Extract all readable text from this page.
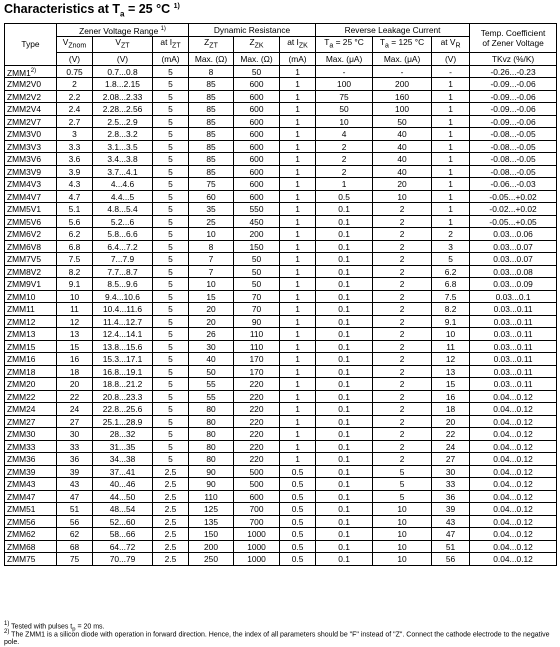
Characteristics at $T_a = 25$ °C $^{1)}$
Type	Zener Voltage Range $^{1)}$			Dynamic Resistance			Reverse Leakage Current			Temp. Coefficient
of Zener Voltage
	$V_{Znom}$	$V_{ZT}$	at $I_{ZT}$	$Z_{ZT}$	$Z_{ZK}$	at $I_{ZK}$	$T_a = 25$ °C	$T_a = 125$ °C	at $V_R$
	(V)	(V)	(mA)	Max. (Ω)	Max. (Ω)	(mA)	Max. (μA)	Max. (μA)	(V)	TKvz (%/K)
ZMM1$^{2)}$	0.75	0.7...0.8	5	8	50	1	-	-	-	-0.26...-0.23
ZMM2V0	2	1.8...2.15	5	85	600	1	100	200	1	-0.09...-0.06
ZMM2V2	2.2	2.08...2.33	5	85	600	1	75	160	1	-0.09...-0.06
ZMM2V4	2.4	2.28...2.56	5	85	600	1	50	100	1	-0.09...-0.06
ZMM2V7	2.7	2.5...2.9	5	85	600	1	10	50	1	-0.09...-0.06
ZMM3V0	3	2.8...3.2	5	85	600	1	4	40	1	-0.08...-0.05
ZMM3V3	3.3	3.1...3.5	5	85	600	1	2	40	1	-0.08...-0.05
ZMM3V6	3.6	3.4...3.8	5	85	600	1	2	40	1	-0.08...-0.05
ZMM3V9	3.9	3.7...4.1	5	85	600	1	2	40	1	-0.08...-0.05
ZMM4V3	4.3	4...4.6	5	75	600	1	1	20	1	-0.06...-0.03
ZMM4V7	4.7	4.4...5	5	60	600	1	0.5	10	1	-0.05...+0.02
ZMM5V1	5.1	4.8...5.4	5	35	550	1	0.1	2	1	-0.02...+0.02
ZMM5V6	5.6	5.2...6	5	25	450	1	0.1	2	1	-0.05...+0.05
ZMM6V2	6.2	5.8...6.6	5	10	200	1	0.1	2	2	0.03...0.06
ZMM6V8	6.8	6.4...7.2	5	8	150	1	0.1	2	3	0.03...0.07
ZMM7V5	7.5	7...7.9	5	7	50	1	0.1	2	5	0.03...0.07
ZMM8V2	8.2	7.7...8.7	5	7	50	1	0.1	2	6.2	0.03...0.08
ZMM9V1	9.1	8.5...9.6	5	10	50	1	0.1	2	6.8	0.03...0.09
ZMM10	10	9.4...10.6	5	15	70	1	0.1	2	7.5	0.03...0.1
ZMM11	11	10.4...11.6	5	20	70	1	0.1	2	8.2	0.03...0.11
ZMM12	12	11.4...12.7	5	20	90	1	0.1	2	9.1	0.03...0.11
ZMM13	13	12.4...14.1	5	26	110	1	0.1	2	10	0.03...0.11
ZMM15	15	13.8...15.6	5	30	110	1	0.1	2	11	0.03...0.11
ZMM16	16	15.3...17.1	5	40	170	1	0.1	2	12	0.03...0.11
ZMM18	18	16.8...19.1	5	50	170	1	0.1	2	13	0.03...0.11
ZMM20	20	18.8...21.2	5	55	220	1	0.1	2	15	0.03...0.11
ZMM22	22	20.8...23.3	5	55	220	1	0.1	2	16	0.04...0.12
ZMM24	24	22.8...25.6	5	80	220	1	0.1	2	18	0.04...0.12
ZMM27	27	25.1...28.9	5	80	220	1	0.1	2	20	0.04...0.12
ZMM30	30	28...32	5	80	220	1	0.1	2	22	0.04...0.12
ZMM33	33	31...35	5	80	220	1	0.1	2	24	0.04...0.12
ZMM36	36	34...38	5	80	220	1	0.1	2	27	0.04...0.12
ZMM39	39	37...41	2.5	90	500	0.5	0.1	5	30	0.04...0.12
ZMM43	43	40...46	2.5	90	500	0.5	0.1	5	33	0.04...0.12
ZMM47	47	44...50	2.5	110	600	0.5	0.1	5	36	0.04...0.12
ZMM51	51	48...54	2.5	125	700	0.5	0.1	10	39	0.04...0.12
ZMM56	56	52...60	2.5	135	700	0.5	0.1	10	43	0.04...0.12
ZMM62	62	58...66	2.5	150	1000	0.5	0.1	10	47	0.04...0.12
ZMM68	68	64...72	2.5	200	1000	0.5	0.1	10	51	0.04...0.12
ZMM75	75	70...79	2.5	250	1000	0.5	0.1	10	56	0.04...0.12
$^{1)}$ Tested with pulses $t_p = 20$ ms.
$^{2)}$ The ZMM1 is a silicon diode with operation in forward direction. Hence, the index of all parameters should be "F" instead of "Z". Connect the cathode electrode to the negative pole.
